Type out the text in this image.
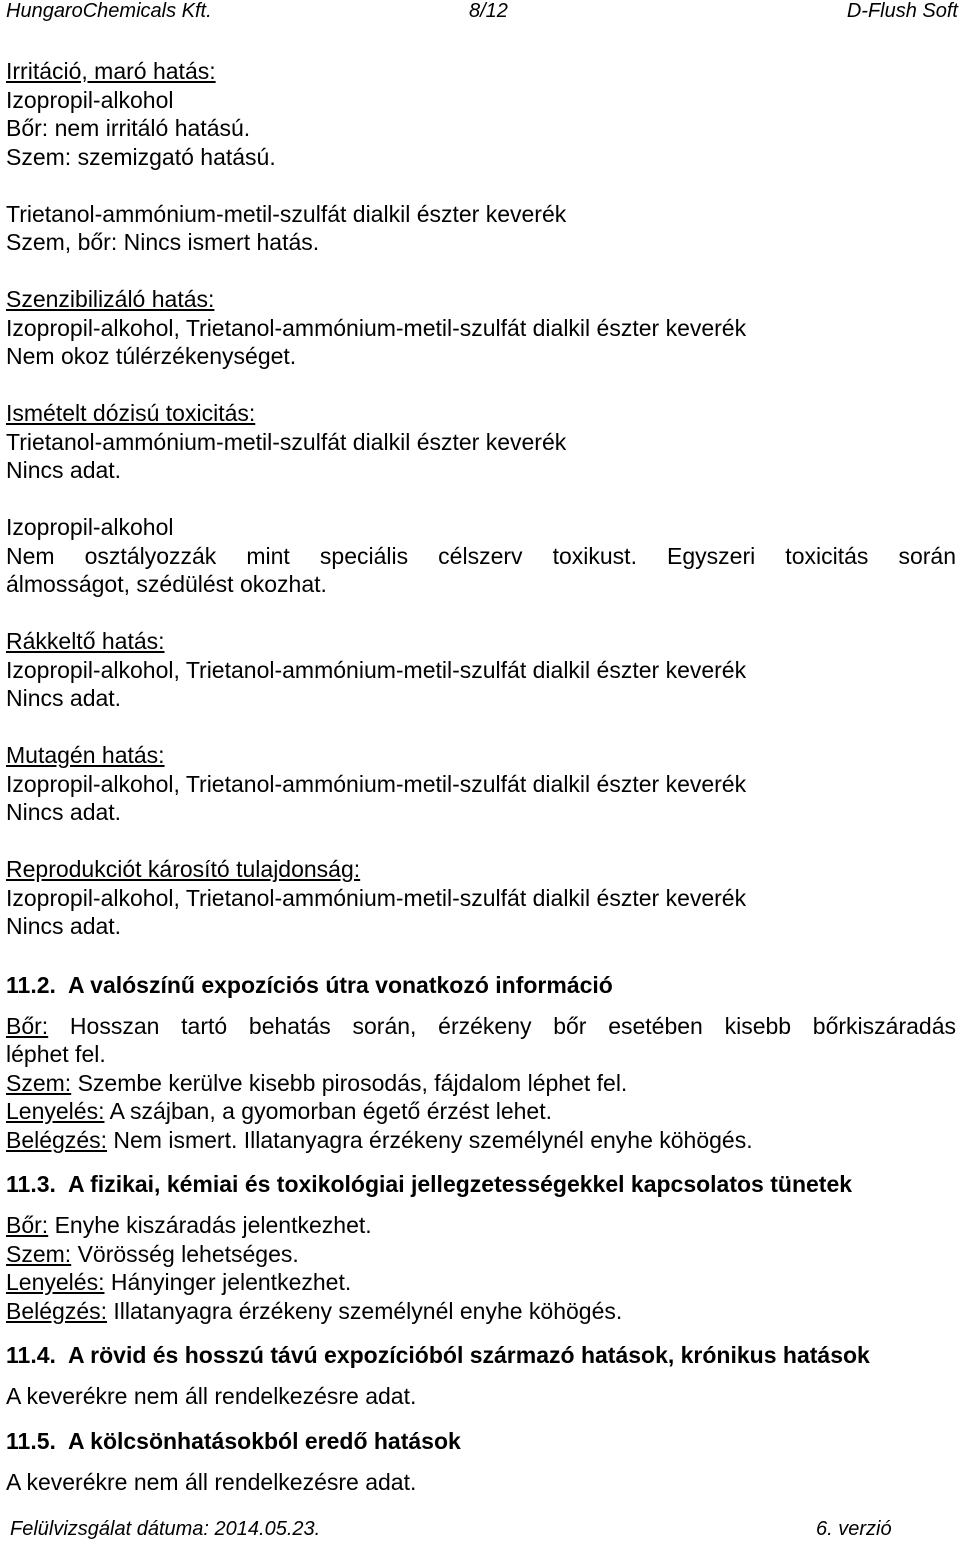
HungaroChemicals Kft.	8/12	D-Flush Soft
Irritáció, maró hatás:
Izopropil-alkohol
Bőr: nem irritáló hatású.
Szem: szemizgató hatású.
Trietanol-ammónium-metil-szulfát dialkil észter keverék
Szem, bőr: Nincs ismert hatás.
Szenzibilizáló hatás:
Izopropil-alkohol, Trietanol-ammónium-metil-szulfát dialkil észter keverék
Nem okoz túlérzékenységet.
Ismételt dózisú toxicitás:
Trietanol-ammónium-metil-szulfát dialkil észter keverék
Nincs adat.
Izopropil-alkohol
Nem osztályozzák mint speciális célszerv toxikust. Egyszeri toxicitás során
álmosságot, szédülést okozhat.
Rákkeltő hatás:
Izopropil-alkohol, Trietanol-ammónium-metil-szulfát dialkil észter keverék
Nincs adat.
Mutagén hatás:
Izopropil-alkohol, Trietanol-ammónium-metil-szulfát dialkil észter keverék
Nincs adat.
Reprodukciót károsító tulajdonság:
Izopropil-alkohol, Trietanol-ammónium-metil-szulfát dialkil észter keverék
Nincs adat.
11.2. A valószínű expozíciós útra vonatkozó információ
Bőr: Hosszan tartó behatás során, érzékeny bőr esetében kisebb bőrkiszáradás
léphet fel.
Szem: Szembe kerülve kisebb pirosodás, fájdalom léphet fel.
Lenyelés: A szájban, a gyomorban égető érzést lehet.
Belégzés: Nem ismert. Illatanyagra érzékeny személynél enyhe köhögés.
11.3. A fizikai, kémiai és toxikológiai jellegzetességekkel kapcsolatos tünetek
Bőr: Enyhe kiszáradás jelentkezhet.
Szem: Vörösség lehetséges.
Lenyelés: Hányinger jelentkezhet.
Belégzés: Illatanyagra érzékeny személynél enyhe köhögés.
11.4. A rövid és hosszú távú expozícióból származó hatások, krónikus hatások
A keverékre nem áll rendelkezésre adat.
11.5. A kölcsönhatásokból eredő hatások
A keverékre nem áll rendelkezésre adat.
Felülvizsgálat dátuma: 2014.05.23.	6. verzió
